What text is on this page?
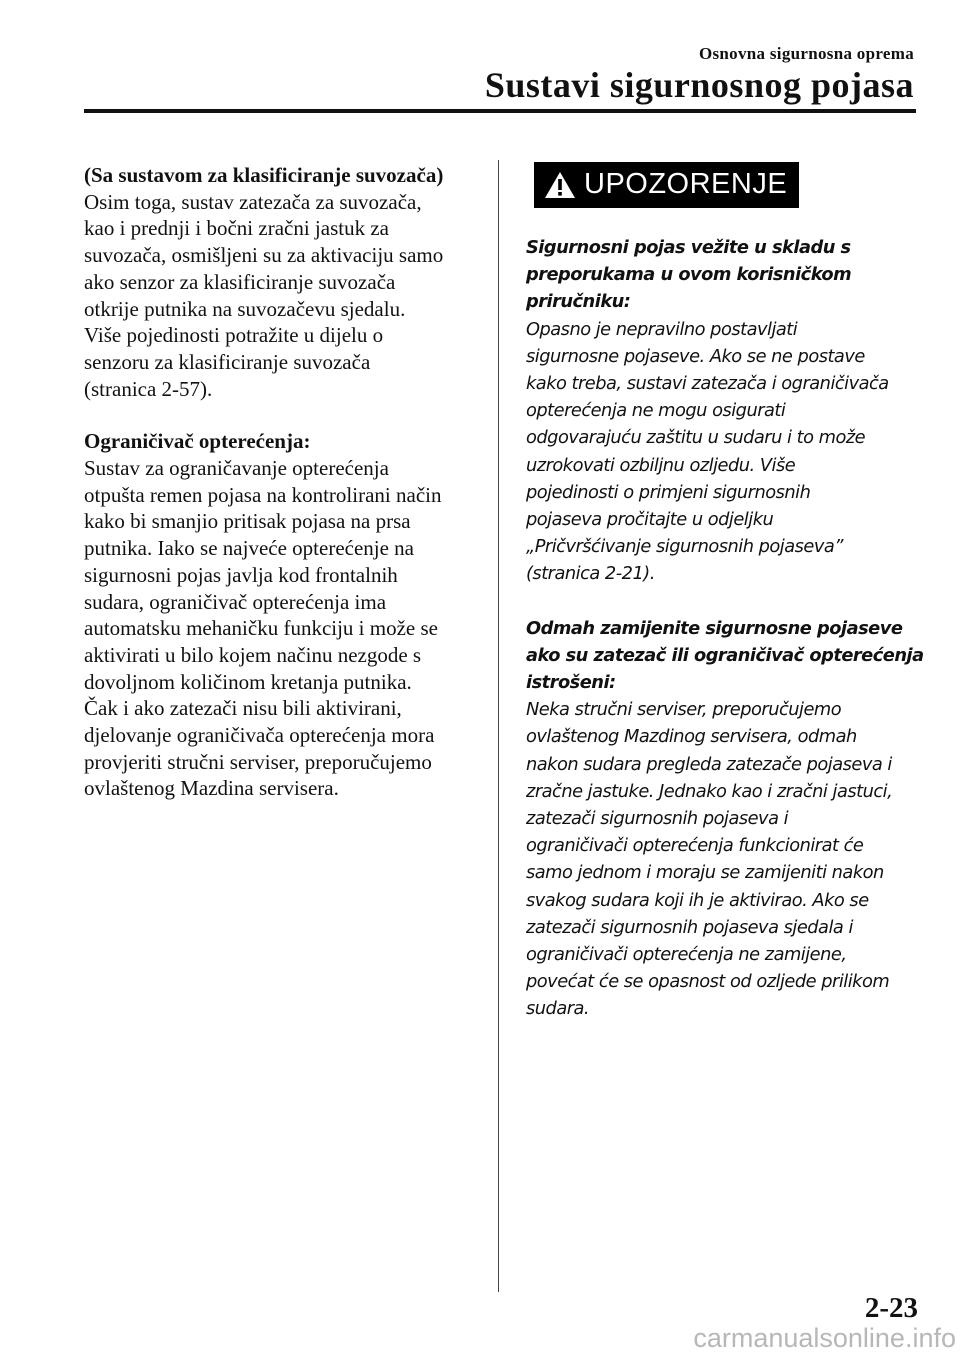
Osnovna sigurnosna oprema
Sustavi sigurnosnog pojasa

(Sa sustavom za klasificiranje suvozača)

Osim toga, sustav zatezača za suvozača,

kao i prednji i bočni zračni jastuk za

suvozača, osmišljeni su za aktivaciju samo

ako senzor za klasificiranje suvozača

otkrije putnika na suvozačevu sjedalu.

Više pojedinosti potražite u dijelu o

senzoru za klasificiranje suvozača

(stranica 2-57).

Ograničivač opterećenja:

Sustav za ograničavanje opterećenja

otpušta remen pojasa na kontrolirani način

kako bi smanjio pritisak pojasa na prsa

putnika. Iako se najveće opterećenje na

sigurnosni pojas javlja kod frontalnih

sudara, ograničivač opterećenja ima

automatsku mehaničku funkciju i može se

aktivirati u bilo kojem načinu nezgode s

dovoljnom količinom kretanja putnika.

Čak i ako zatezači nisu bili aktivirani,

djelovanje ograničivača opterećenja mora

provjeriti stručni serviser, preporučujemo

ovlaštenog Mazdina servisera.

UPOZORENJE

Sigurnosni pojas vežite u skladu s

preporukama u ovom korisničkom

priručniku:

Opasno je nepravilno postavljati

sigurnosne pojaseve. Ako se ne postave

kako treba, sustavi zatezača i ograničivača

opterećenja ne mogu osigurati

odgovarajuću zaštitu u sudaru i to može

uzrokovati ozbiljnu ozljedu. Više

pojedinosti o primjeni sigurnosnih

pojaseva pročitajte u odjeljku

„Pričvršćivanje sigurnosnih pojaseva”

(stranica 2-21).

Odmah zamijenite sigurnosne pojaseve

ako su zatezač ili ograničivač opterećenja

istrošeni:

Neka stručni serviser, preporučujemo

ovlaštenog Mazdinog servisera, odmah

nakon sudara pregleda zatezače pojaseva i

zračne jastuke. Jednako kao i zračni jastuci,

zatezači sigurnosnih pojaseva i

ograničivači opterećenja funkcionirat će

samo jednom i moraju se zamijeniti nakon

svakog sudara koji ih je aktivirao. Ako se

zatezači sigurnosnih pojaseva sjedala i

ograničivači opterećenja ne zamijene,

povećat će se opasnost od ozljede prilikom

sudara.

2-23
carmanualsonline.info
